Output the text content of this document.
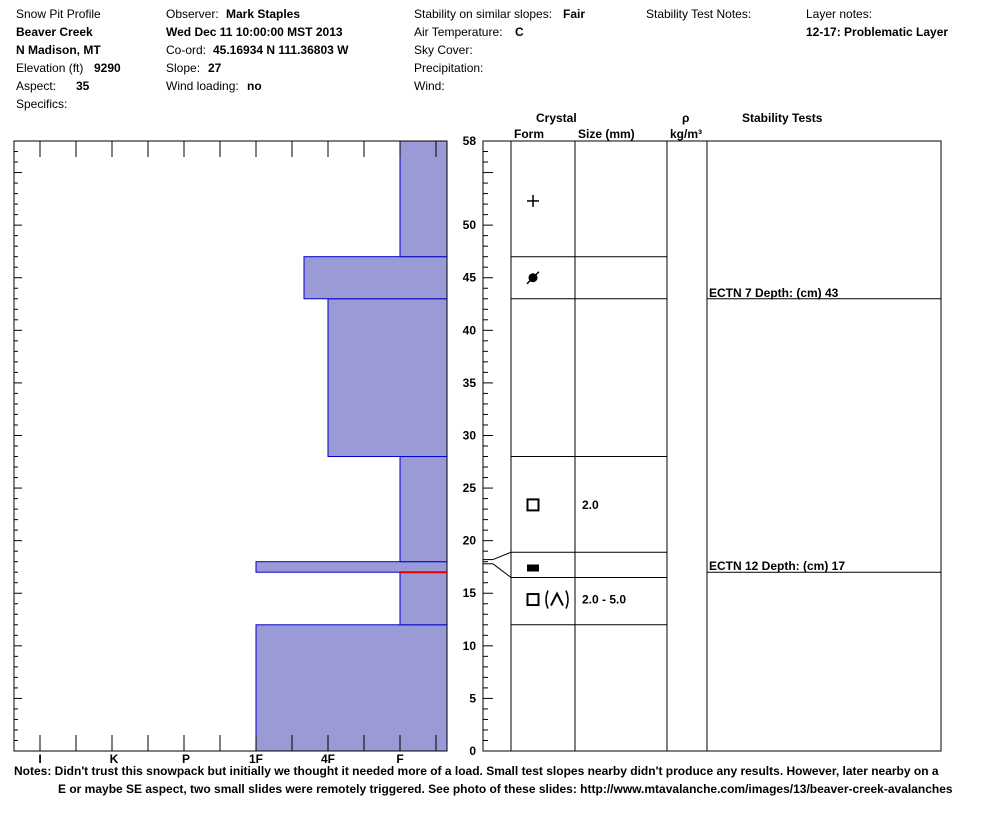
Snow Pit Profile
Beaver Creek
N Madison, MT
Elevation (ft) 9290
Aspect: 35
Specifics:
Observer: Mark Staples
Wed Dec 11 10:00:00 MST 2013
Co-ord: 45.16934 N 111.36803 W
Slope: 27
Wind loading: no
Stability on similar slopes: Fair
Air Temperature: C
Sky Cover:
Precipitation:
Wind:
Stability Test Notes:	Layer notes:
12-17: Problematic Layer
Crystal
Form	Size (mm)
ρ
kg/m³
Stability Tests
ECTN 7 Depth: (cm) 43
ECTN 12 Depth: (cm) 17
0
5
10
15
20
25
30
35
40
45
50
58
I	K	P	1F	4F	F
2.0
2.0 - 5.0
Notes: Didn't trust this snowpack but initially we thought it needed more of a load. Small test slopes nearby didn't produce any results. However, later nearby on a
E or maybe SE aspect, two small slides were remotely triggered. See photo of these slides: http://www.mtavalanche.com/images/13/beaver-creek-avalanches
